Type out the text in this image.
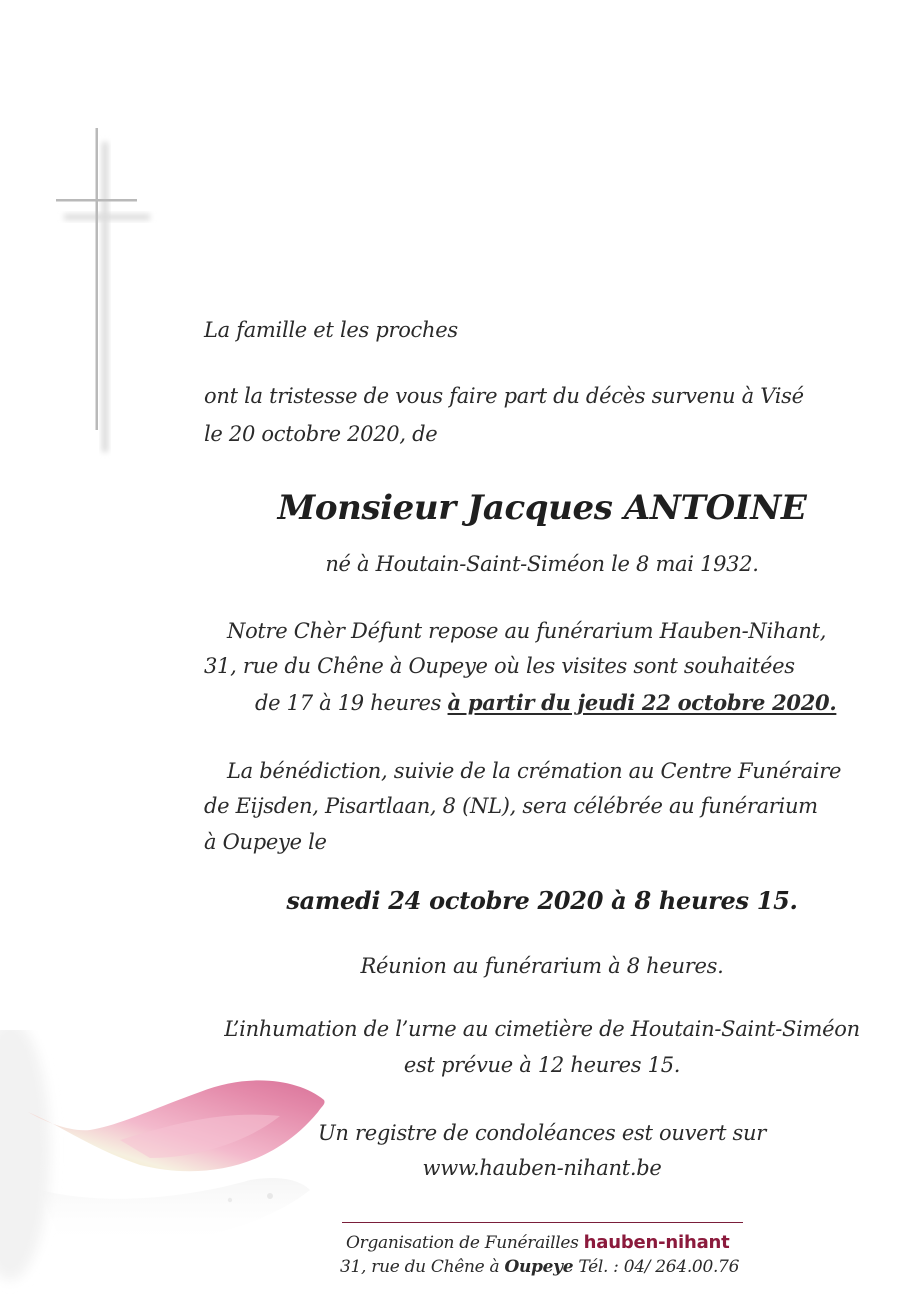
La famille et les proches
ont la tristesse de vous faire part du décès survenu à Visé
le 20 octobre 2020, de
Monsieur Jacques ANTOINE
né à Houtain-Saint-Siméon le 8 mai 1932.
Notre Chèr Défunt repose au funérarium Hauben-Nihant,
31, rue du Chêne à Oupeye où les visites sont souhaitées
de 17 à 19 heures à partir du jeudi 22 octobre 2020.
La bénédiction, suivie de la crémation au Centre Funéraire
de Eijsden, Pisartlaan, 8 (NL), sera célébrée au funérarium
à Oupeye le
samedi 24 octobre 2020 à 8 heures 15.
Réunion au funérarium à 8 heures.
L’inhumation de l’urne au cimetière de Houtain-Saint-Siméon
est prévue à 12 heures 15.
Un registre de condoléances est ouvert sur
www.hauben-nihant.be
Organisation de Funérailles hauben-nihant
31, rue du Chêne à Oupeye Tél. : 04/ 264.00.76
